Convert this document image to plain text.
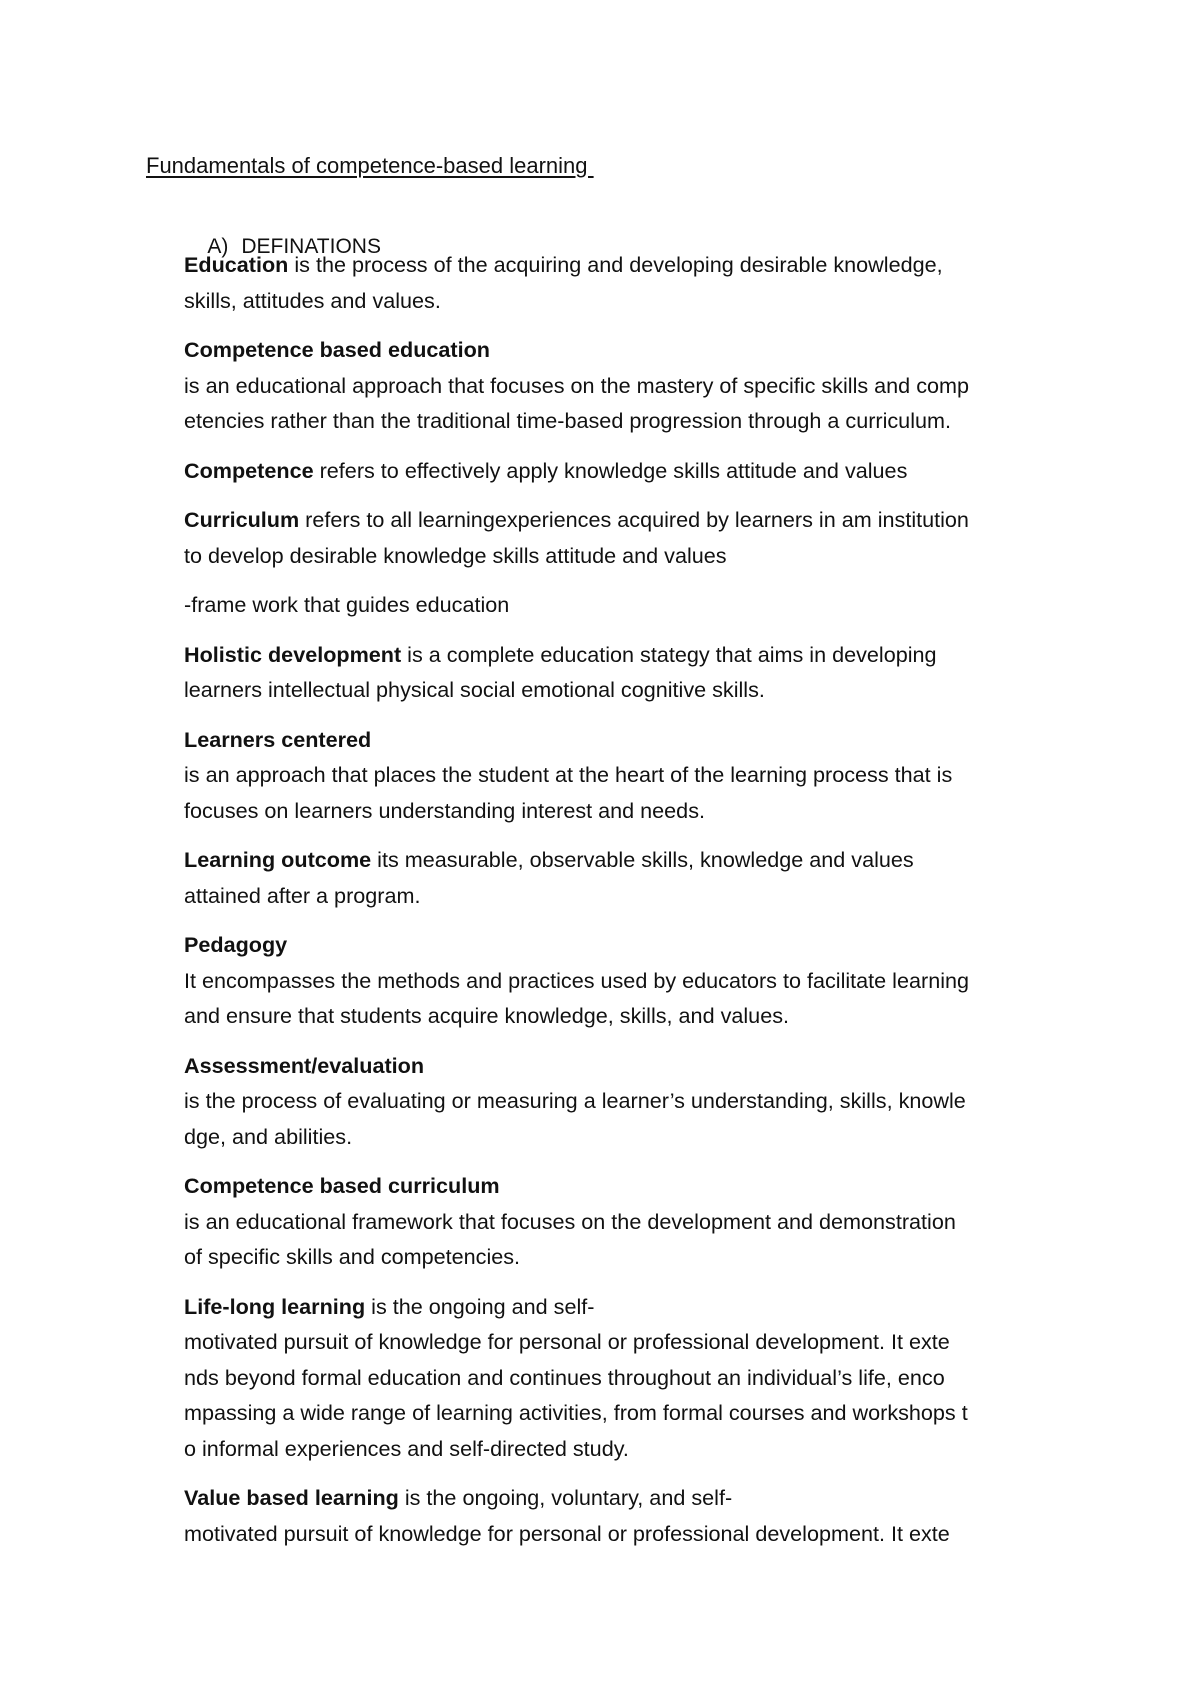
Fundamentals of competence-based learning

A) DEFINATIONS

Education is the process of the acquiring and developing desirable knowledge,
skills, attitudes and values.
Competence based education
is an educational approach that focuses on the mastery of specific skills and comp
etencies rather than the traditional time-based progression through a curriculum.
Competence refers to effectively apply knowledge skills attitude and values
Curriculum refers to all learningexperiences acquired by learners in am institution
to develop desirable knowledge skills attitude and values
-frame work that guides education
Holistic development is a complete education stategy that aims in developing
learners intellectual physical social emotional cognitive skills.
Learners centered
is an approach that places the student at the heart of the learning process that is
focuses on learners understanding interest and needs.
Learning outcome its measurable, observable skills, knowledge and values
attained after a program.
Pedagogy
It encompasses the methods and practices used by educators to facilitate learning
and ensure that students acquire knowledge, skills, and values.
Assessment/evaluation
is the process of evaluating or measuring a learner’s understanding, skills, knowle
dge, and abilities.
Competence based curriculum
is an educational framework that focuses on the development and demonstration
of specific skills and competencies.
Life-long learning is the ongoing and self-
motivated pursuit of knowledge for personal or professional development. It exte
nds beyond formal education and continues throughout an individual’s life, enco
mpassing a wide range of learning activities, from formal courses and workshops t
o informal experiences and self-directed study.
Value based learning is the ongoing, voluntary, and self-
motivated pursuit of knowledge for personal or professional development. It exte
